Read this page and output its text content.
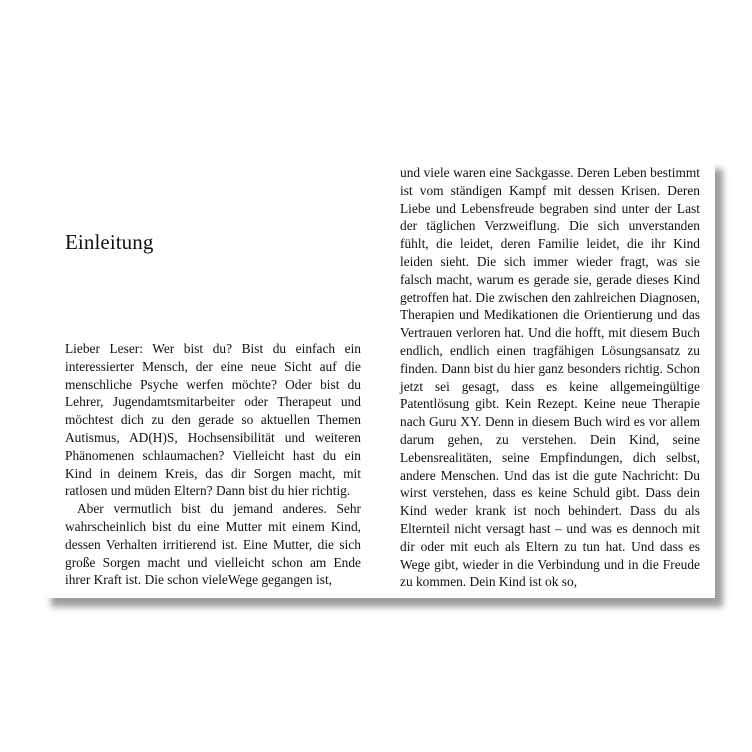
Einleitung

Lieber Leser: Wer bist du? Bist du einfach ein interessierter Mensch, der eine neue Sicht auf die menschliche Psyche werfen möchte? Oder bist du Lehrer, Jugendamtsmitarbeiter oder Therapeut und möchtest dich zu den gerade so aktuellen Themen Autismus, AD(H)S, Hochsensibilität und weiteren Phänomenen schlaumachen? Vielleicht hast du ein Kind in deinem Kreis, das dir Sorgen macht, mit ratlosen und müden Eltern? Dann bist du hier richtig.

Aber vermutlich bist du jemand anderes. Sehr wahrscheinlich bist du eine Mutter mit einem Kind, dessen Verhalten irritierend ist. Eine Mutter, die sich große Sorgen macht und vielleicht schon am Ende ihrer Kraft ist. Die schon vieleWege gegangen ist,

und viele waren eine Sackgasse. Deren Leben bestimmt ist vom ständigen Kampf mit dessen Krisen. Deren Liebe und Lebensfreude begraben sind unter der Last der täglichen Verzweiflung. Die sich unverstanden fühlt, die leidet, deren Familie leidet, die ihr Kind leiden sieht. Die sich immer wieder fragt, was sie falsch macht, warum es gerade sie, gerade dieses Kind getroffen hat. Die zwischen den zahlreichen Diagnosen, Therapien und Medikationen die Orientierung und das Vertrauen verloren hat. Und die hofft, mit diesem Buch endlich, endlich einen tragfähigen Lösungsansatz zu finden. Dann bist du hier ganz besonders richtig. Schon jetzt sei gesagt, dass es keine allgemeingültige Patentlösung gibt. Kein Rezept. Keine neue Therapie nach Guru XY. Denn in diesem Buch wird es vor allem darum gehen, zu verstehen. Dein Kind, seine Lebensrealitäten, seine Empfindungen, dich selbst, andere Menschen. Und das ist die gute Nachricht: Du wirst verstehen, dass es keine Schuld gibt. Dass dein Kind weder krank ist noch behindert. Dass du als Elternteil nicht versagt hast – und was es dennoch mit dir oder mit euch als Eltern zu tun hat. Und dass es Wege gibt, wieder in die Verbindung und in die Freude zu kommen. Dein Kind ist ok so,
